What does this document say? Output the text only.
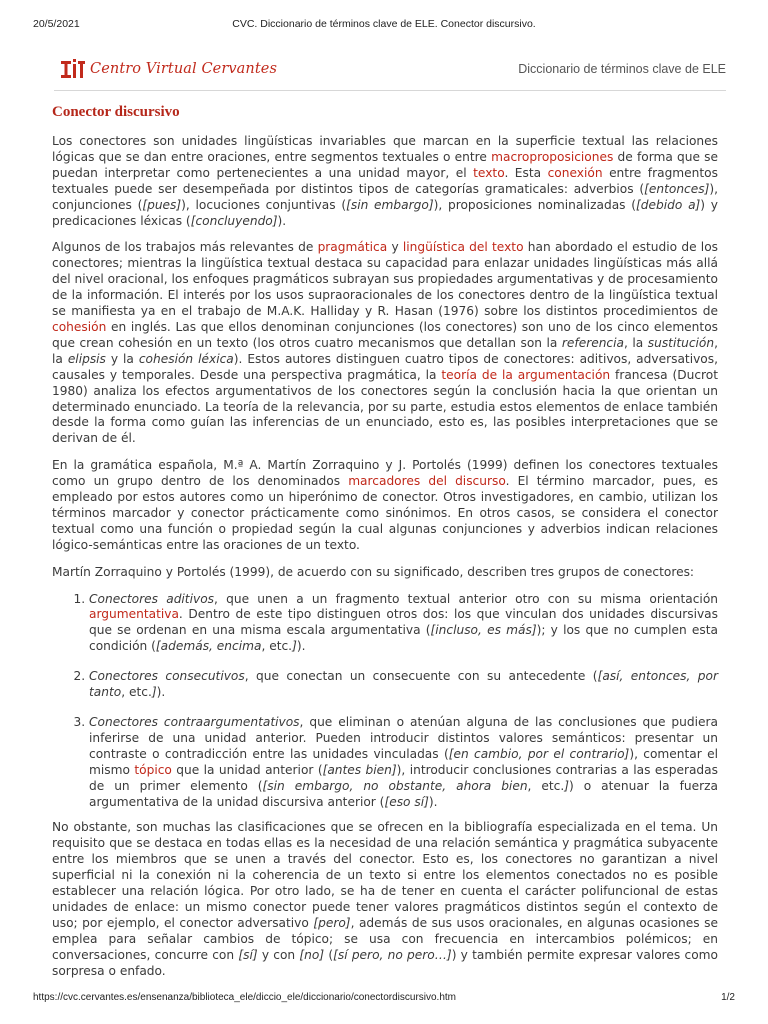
20/5/2021	CVC. Diccionario de términos clave de ELE. Conector discursivo.
Centro Virtual Cervantes	Diccionario de términos clave de ELE
Conector discursivo

Los conectores son unidades lingüísticas invariables que marcan en la superficie textual las relaciones lógicas que se dan entre oraciones, entre segmentos textuales o entre macroproposiciones de forma que se puedan interpretar como pertenecientes a una unidad mayor, el texto. Esta conexión entre fragmentos textuales puede ser desempeñada por distintos tipos de categorías gramaticales: adverbios ([entonces]), conjunciones ([pues]), locuciones conjuntivas ([sin embargo]), proposiciones nominalizadas ([debido a]) y predicaciones léxicas ([concluyendo]).

Algunos de los trabajos más relevantes de pragmática y lingüística del texto han abordado el estudio de los conectores; mientras la lingüística textual destaca su capacidad para enlazar unidades lingüísticas más allá del nivel oracional, los enfoques pragmáticos subrayan sus propiedades argumentativas y de procesamiento de la información. El interés por los usos supraoracionales de los conectores dentro de la lingüística textual se manifiesta ya en el trabajo de M.A.K. Halliday y R. Hasan (1976) sobre los distintos procedimientos de cohesión en inglés. Las que ellos denominan conjunciones (los conectores) son uno de los cinco elementos que crean cohesión en un texto (los otros cuatro mecanismos que detallan son la referencia, la sustitución, la elipsis y la cohesión léxica). Estos autores distinguen cuatro tipos de conectores: aditivos, adversativos, causales y temporales. Desde una perspectiva pragmática, la teoría de la argumentación francesa (Ducrot 1980) analiza los efectos argumentativos de los conectores según la conclusión hacia la que orientan un determinado enunciado. La teoría de la relevancia, por su parte, estudia estos elementos de enlace también desde la forma como guían las inferencias de un enunciado, esto es, las posibles interpretaciones que se derivan de él.

En la gramática española, M.ª A. Martín Zorraquino y J. Portolés (1999) definen los conectores textuales como un grupo dentro de los denominados marcadores del discurso. El término marcador, pues, es empleado por estos autores como un hiperónimo de conector. Otros investigadores, en cambio, utilizan los términos marcador y conector prácticamente como sinónimos. En otros casos, se considera el conector textual como una función o propiedad según la cual algunas conjunciones y adverbios indican relaciones lógico-semánticas entre las oraciones de un texto.

Martín Zorraquino y Portolés (1999), de acuerdo con su significado, describen tres grupos de conectores:

1. Conectores aditivos, que unen a un fragmento textual anterior otro con su misma orientación argumentativa. Dentro de este tipo distinguen otros dos: los que vinculan dos unidades discursivas que se ordenan en una misma escala argumentativa ([incluso, es más]); y los que no cumplen esta condición ([además, encima, etc.]).
2. Conectores consecutivos, que conectan un consecuente con su antecedente ([así, entonces, por tanto, etc.]).
3. Conectores contraargumentativos, que eliminan o atenúan alguna de las conclusiones que pudiera inferirse de una unidad anterior. Pueden introducir distintos valores semánticos: presentar un contraste o contradicción entre las unidades vinculadas ([en cambio, por el contrario]), comentar el mismo tópico que la unidad anterior ([antes bien]), introducir conclusiones contrarias a las esperadas de un primer elemento ([sin embargo, no obstante, ahora bien, etc.]) o atenuar la fuerza argumentativa de la unidad discursiva anterior ([eso sí]).

No obstante, son muchas las clasificaciones que se ofrecen en la bibliografía especializada en el tema. Un requisito que se destaca en todas ellas es la necesidad de una relación semántica y pragmática subyacente entre los miembros que se unen a través del conector. Esto es, los conectores no garantizan a nivel superficial ni la conexión ni la coherencia de un texto si entre los elementos conectados no es posible establecer una relación lógica. Por otro lado, se ha de tener en cuenta el carácter polifuncional de estas unidades de enlace: un mismo conector puede tener valores pragmáticos distintos según el contexto de uso; por ejemplo, el conector adversativo [pero], además de sus usos oracionales, en algunas ocasiones se emplea para señalar cambios de tópico; se usa con frecuencia en intercambios polémicos; en conversaciones, concurre con [sí] y con [no] ([sí pero, no pero…]) y también permite expresar valores como sorpresa o enfado.

https://cvc.cervantes.es/ensenanza/biblioteca_ele/diccio_ele/diccionario/conectordiscursivo.htm	1/2
